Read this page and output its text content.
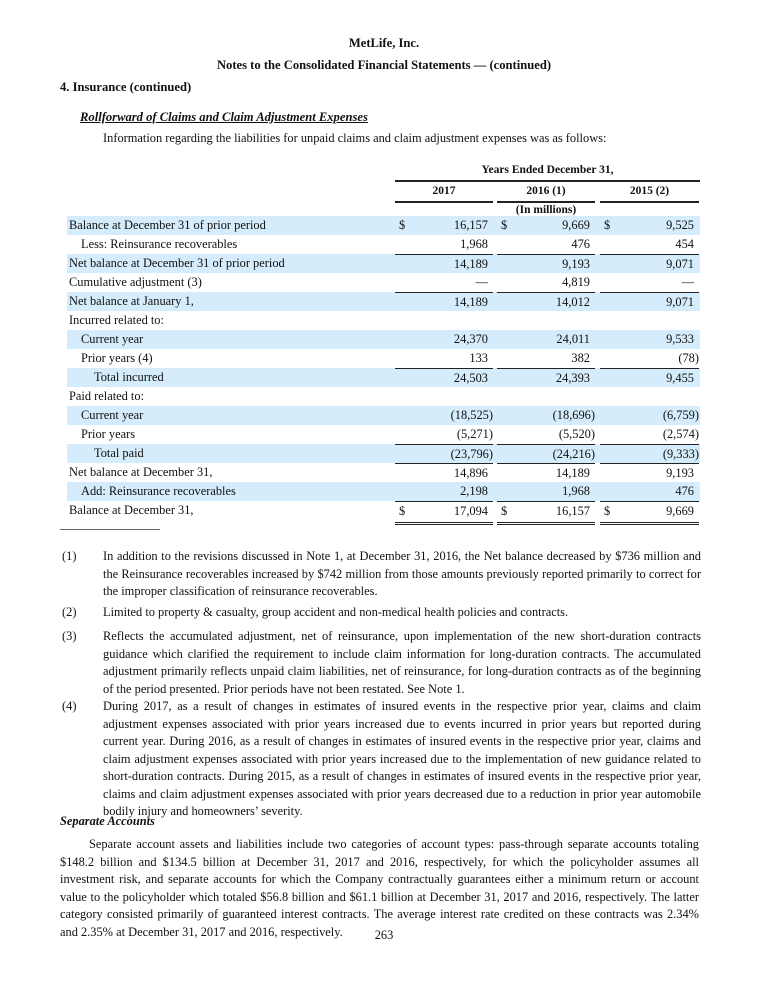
MetLife, Inc.
Notes to the Consolidated Financial Statements — (continued)
4. Insurance (continued)
Rollforward of Claims and Claim Adjustment Expenses
Information regarding the liabilities for unpaid claims and claim adjustment expenses was as follows:
Years Ended December 31,
2017	2016 (1)	2015 (2)
(In millions)
Balance at December 31 of prior period	$	16,157 $	9,669 $	9,525
Less: Reinsurance recoverables	1,968	476	454
Net balance at December 31 of prior period	14,189	9,193	9,071
Cumulative adjustment (3)	—	4,819	—
Net balance at January 1,	14,189	14,012	9,071
Incurred related to:
Current year	24,370	24,011	9,533
Prior years (4)	133	382	(78)
Total incurred	24,503	24,393	9,455
Paid related to:
Current year	(18,525)	(18,696)	(6,759)
Prior years	(5,271)	(5,520)	(2,574)
Total paid	(23,796)	(24,216)	(9,333)
Net balance at December 31,	14,896	14,189	9,193
Add: Reinsurance recoverables	2,198	1,968	476
Balance at December 31,	$	17,094 $	16,157 $	9,669
(1) In addition to the revisions discussed in Note 1, at December 31, 2016, the Net balance decreased by $736 million and the Reinsurance recoverables increased by $742 million from those amounts previously reported primarily to correct for the improper classification of reinsurance recoverables.
(2) Limited to property & casualty, group accident and non-medical health policies and contracts.
(3) Reflects the accumulated adjustment, net of reinsurance, upon implementation of the new short-duration contracts guidance which clarified the requirement to include claim information for long-duration contracts. The accumulated adjustment primarily reflects unpaid claim liabilities, net of reinsurance, for long-duration contracts as of the beginning of the period presented. Prior periods have not been restated. See Note 1.
(4) During 2017, as a result of changes in estimates of insured events in the respective prior year, claims and claim adjustment expenses associated with prior years increased due to events incurred in prior years but reported during current year. During 2016, as a result of changes in estimates of insured events in the respective prior year, claims and claim adjustment expenses associated with prior years increased due to the implementation of new guidance related to short-duration contracts. During 2015, as a result of changes in estimates of insured events in the respective prior year, claims and claim adjustment expenses associated with prior years decreased due to a reduction in prior year automobile bodily injury and homeowners’ severity.
Separate Accounts
Separate account assets and liabilities include two categories of account types: pass-through separate accounts totaling $148.2 billion and $134.5 billion at December 31, 2017 and 2016, respectively, for which the policyholder assumes all investment risk, and separate accounts for which the Company contractually guarantees either a minimum return or account value to the policyholder which totaled $56.8 billion and $61.1 billion at December 31, 2017 and 2016, respectively. The latter category consisted primarily of guaranteed interest contracts. The average interest rate credited on these contracts was 2.34% and 2.35% at December 31, 2017 and 2016, respectively.	263
